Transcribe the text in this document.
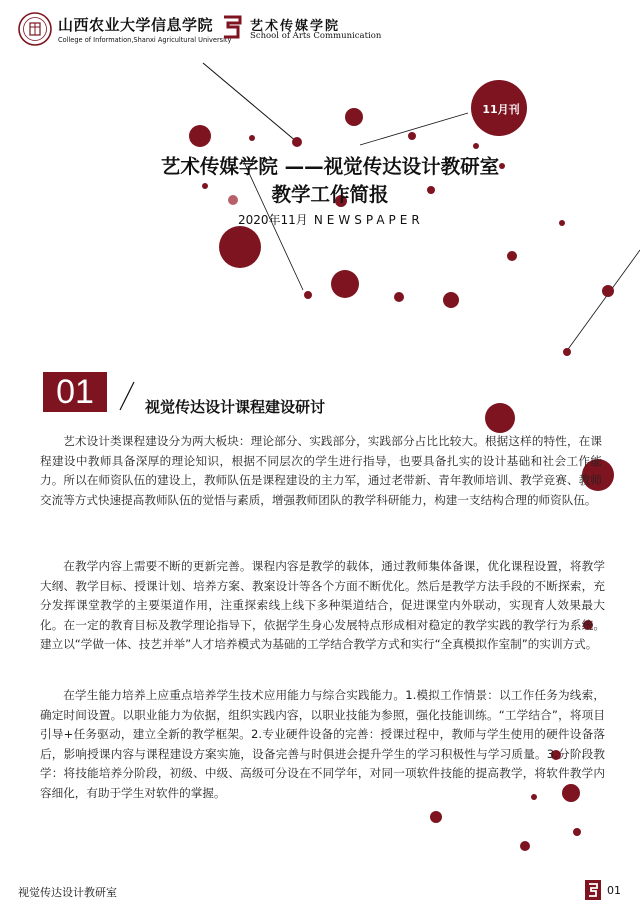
山西农业大学信息学院
College of Information,Shanxi Agricultural University
艺术传媒学院
School of Arts Communication
11月刊
艺术传媒学院 ——视觉传达设计教研室
教学工作简报
2020年11月 NEWSPAPER
01	视觉传达设计课程建设研讨

艺术设计类课程建设分为两大板块：理论部分、实践部分，实践部分占比比较大。根据这样的特性，在课程建设中教师具备深厚的理论知识，根据不同层次的学生进行指导，也要具备扎实的设计基础和社会工作能力。所以在师资队伍的建设上，教师队伍是课程建设的主力军，通过老带新、青年教师培训、教学竞赛、教师交流等方式快速提高教师队伍的觉悟与素质，增强教师团队的教学科研能力，构建一支结构合理的师资队伍。

在教学内容上需要不断的更新完善。课程内容是教学的载体，通过教师集体备课，优化课程设置，将教学大纲、教学目标、授课计划、培养方案、教案设计等各个方面不断优化。然后是教学方法手段的不断探索，充分发挥课堂教学的主要渠道作用，注重探索线上线下多种渠道结合，促进课堂内外联动，实现育人效果最大化。在一定的教育目标及教学理论指导下，依据学生身心发展特点形成相对稳定的教学实践的教学行为系统。建立以“学做一体、技艺并举”人才培养模式为基础的工学结合教学方式和实行“全真模拟作室制”的实训方式。

在学生能力培养上应重点培养学生技术应用能力与综合实践能力。1.模拟工作情景：以工作任务为线索，确定时间设置。以职业能力为依据，组织实践内容，以职业技能为参照，强化技能训练。“工学结合”，将项目引导+任务驱动，建立全新的教学框架。2.专业硬件设备的完善：授课过程中，教师与学生使用的硬件设备落后，影响授课内容与课程建设方案实施，设备完善与时俱进会提升学生的学习积极性与学习质量。3.分阶段教学：将技能培养分阶段，初级、中级、高级可分设在不同学年，对同一项软件技能的提高教学，将软件教学内容细化，有助于学生对软件的掌握。

视觉传达设计教研室	01
